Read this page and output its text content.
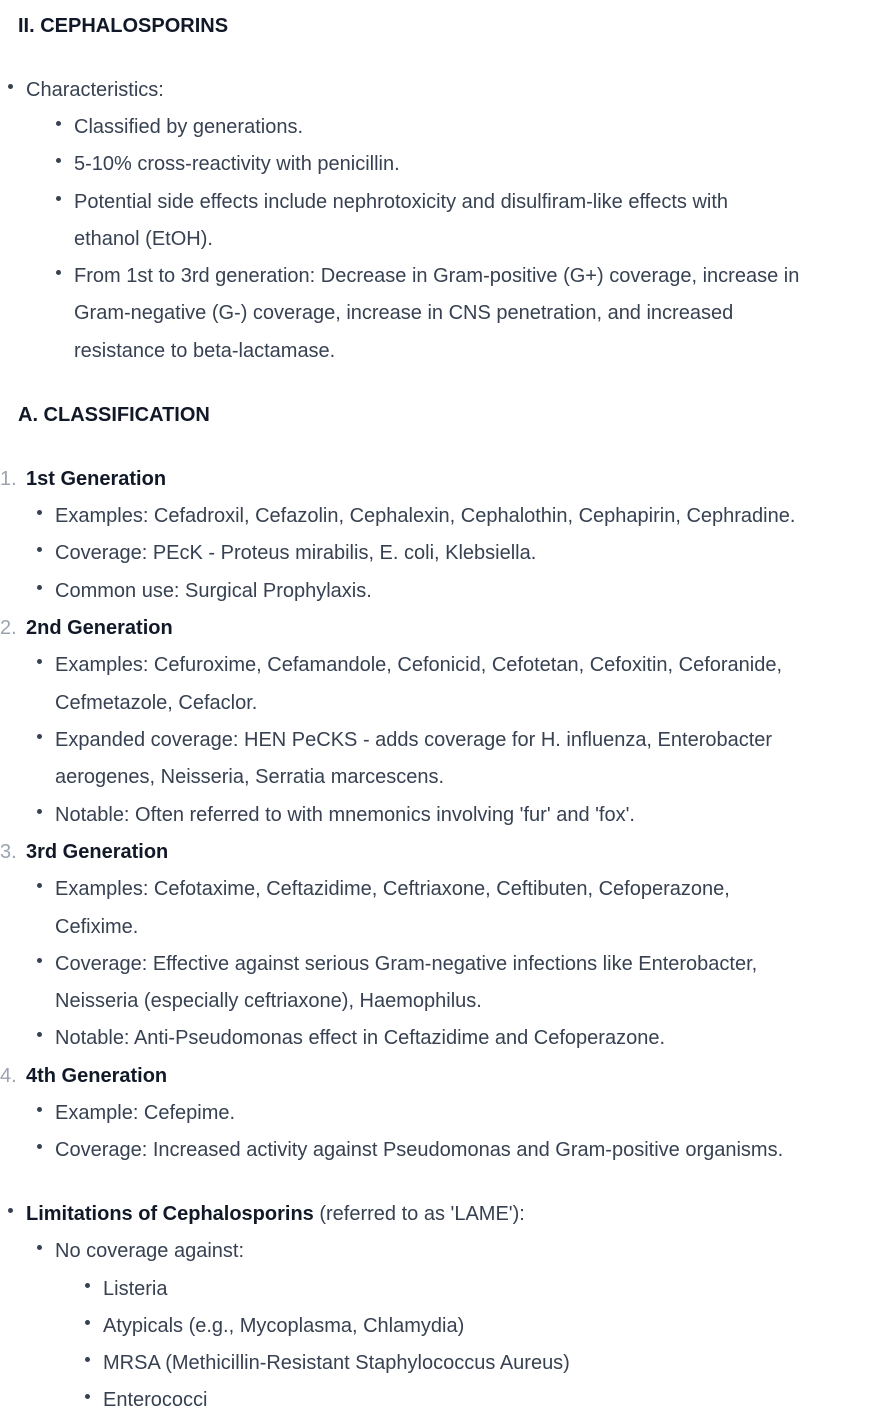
II. CEPHALOSPORINS
Characteristics:
Classified by generations.
5-10% cross-reactivity with penicillin.
Potential side effects include nephrotoxicity and disulfiram-like effects with
ethanol (EtOH).
From 1st to 3rd generation: Decrease in Gram-positive (G+) coverage, increase in
Gram-negative (G-) coverage, increase in CNS penetration, and increased
resistance to beta-lactamase.
A. CLASSIFICATION
1. 1st Generation
Examples: Cefadroxil, Cefazolin, Cephalexin, Cephalothin, Cephapirin, Cephradine.
Coverage: PEcK - Proteus mirabilis, E. coli, Klebsiella.
Common use: Surgical Prophylaxis.
2. 2nd Generation
Examples: Cefuroxime, Cefamandole, Cefonicid, Cefotetan, Cefoxitin, Ceforanide,
Cefmetazole, Cefaclor.
Expanded coverage: HEN PeCKS - adds coverage for H. influenza, Enterobacter
aerogenes, Neisseria, Serratia marcescens.
Notable: Often referred to with mnemonics involving 'fur' and 'fox'.
3. 3rd Generation
Examples: Cefotaxime, Ceftazidime, Ceftriaxone, Ceftibuten, Cefoperazone,
Cefixime.
Coverage: Effective against serious Gram-negative infections like Enterobacter,
Neisseria (especially ceftriaxone), Haemophilus.
Notable: Anti-Pseudomonas effect in Ceftazidime and Cefoperazone.
4. 4th Generation
Example: Cefepime.
Coverage: Increased activity against Pseudomonas and Gram-positive organisms.
Limitations of Cephalosporins (referred to as 'LAME'):
No coverage against:
Listeria
Atypicals (e.g., Mycoplasma, Chlamydia)
MRSA (Methicillin-Resistant Staphylococcus Aureus)
Enterococci
